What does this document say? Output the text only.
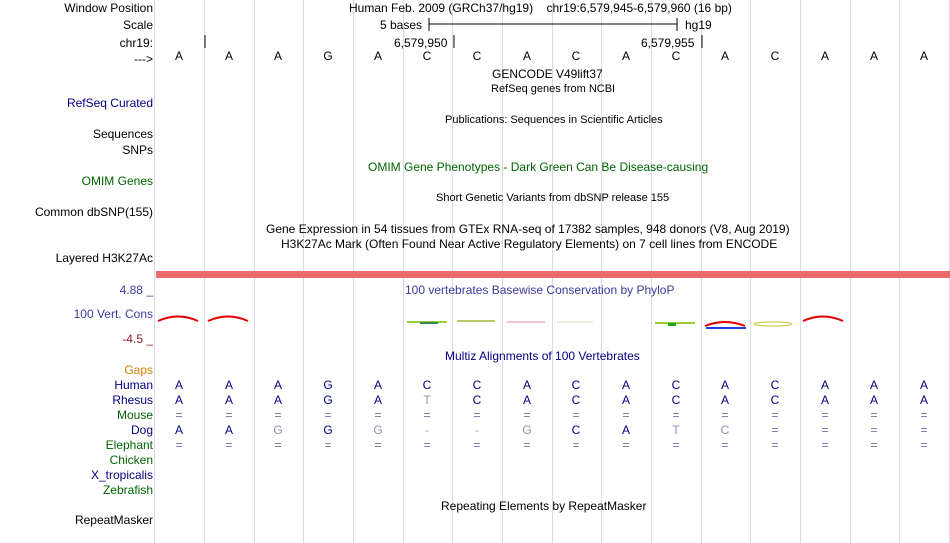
Window Position	Human Feb. 2009 (GRCh37/hg19)    chr19:6,579,945-6,579,960 (16 bp)
Scale	5 bases	hg19
chr19:	6,579,950	6,579,955
--->	A	A	A	G	A	C	C	A	C	A	C	A	C	A	A	A
GENCODE V49lift37
RefSeq genes from NCBI
RefSeq Curated
Publications: Sequences in Scientific Articles
Sequences
SNPs
OMIM Gene Phenotypes - Dark Green Can Be Disease-causing
OMIM Genes
Short Genetic Variants from dbSNP release 155
Common dbSNP(155)
Gene Expression in 54 tissues from GTEx RNA-seq of 17382 samples, 948 donors (V8, Aug 2019)
H3K27Ac Mark (Often Found Near Active Regulatory Elements) on 7 cell lines from ENCODE
Layered H3K27Ac
100 vertebrates Basewise Conservation by PhyloP
4.88 _
100 Vert. Cons
-4.5 _
Multiz Alignments of 100 Vertebrates
Gaps
Human	A	A	A	G	A	C	C	A	C	A	C	A	C	A	A	A
Rhesus	A	A	A	G	A	T	C	A	C	A	C	A	C	A	A	A
Mouse	=	=	=	=	=	=	=	=	=	=	=	=	=	=	=	=
Dog	A	A	G	G	G	-	-	G	C	A	T	C	=	=	=	=
Elephant	=	=	=	=	=	=	=	=	=	=	=	=	=	=	=	=
Chicken
X_tropicalis
Zebrafish
Repeating Elements by RepeatMasker
RepeatMasker
